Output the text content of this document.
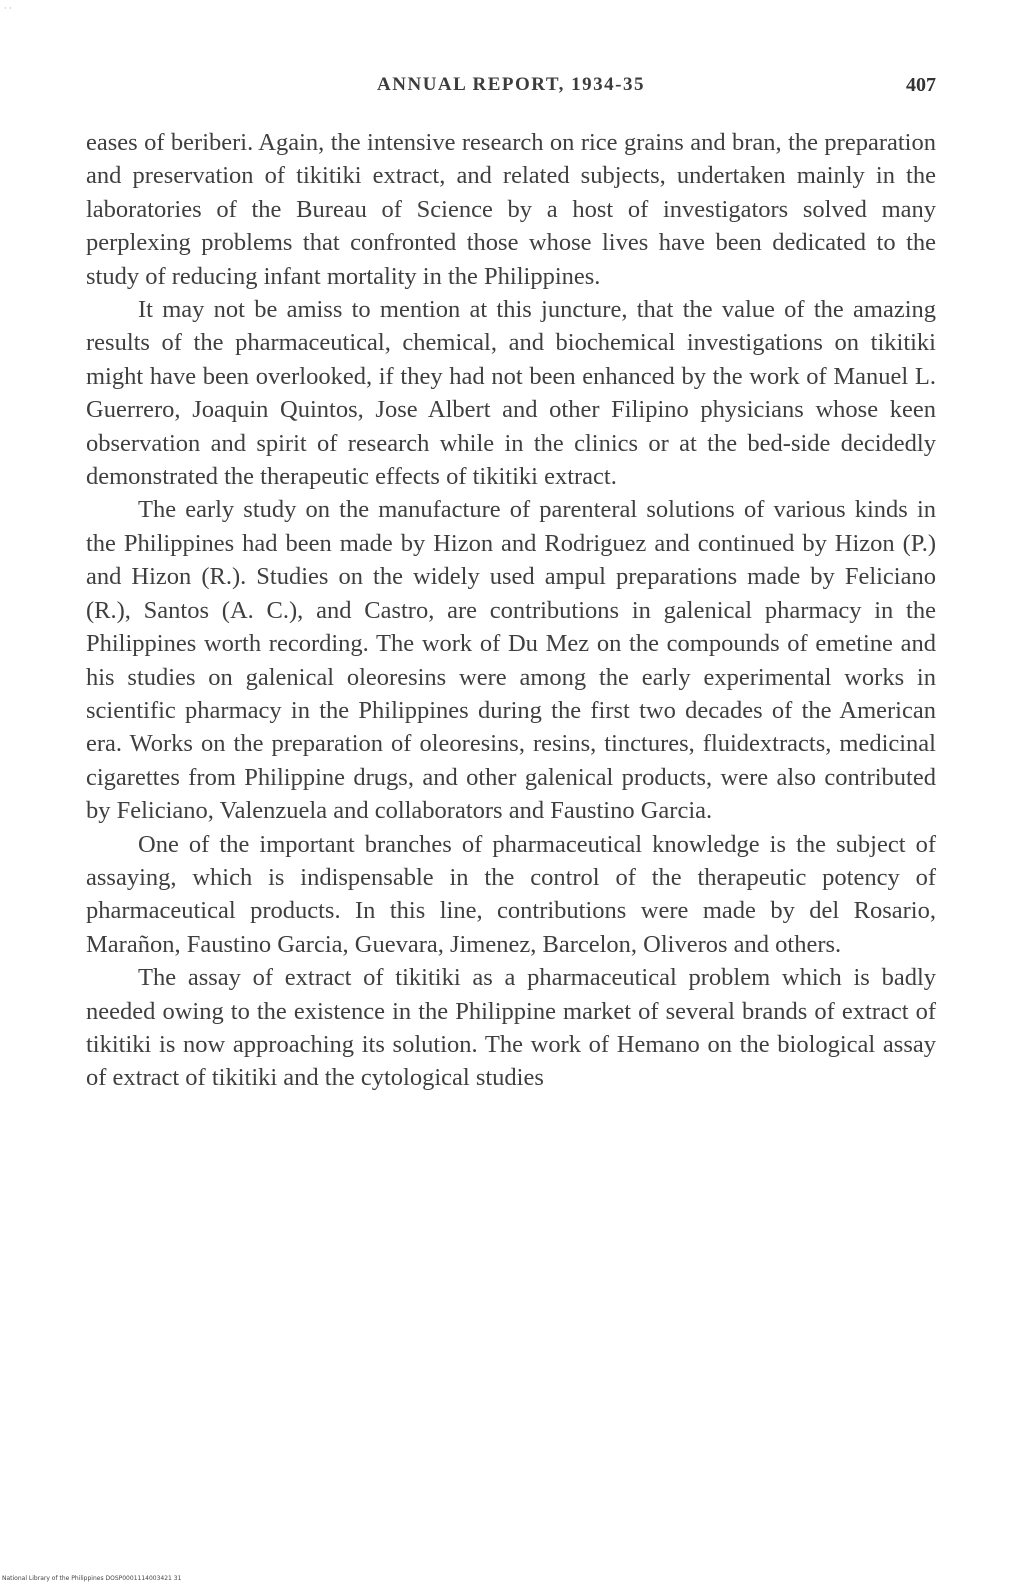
· ·
ANNUAL REPORT, 1934-35	407

eases of beriberi. Again, the intensive research on rice grains and bran, the preparation and preservation of tikitiki extract, and related subjects, undertaken mainly in the laboratories of the Bureau of Science by a host of investigators solved many perplexing problems that confronted those whose lives have been dedicated to the study of reducing infant mortality in the Philippines.

It may not be amiss to mention at this juncture, that the value of the amazing results of the pharmaceutical, chemical, and biochemical investigations on tikitiki might have been overlooked, if they had not been enhanced by the work of Manuel L. Guerrero, Joaquin Quintos, Jose Albert and other Filipino physicians whose keen observation and spirit of research while in the clinics or at the bed-side decidedly demonstrated the therapeutic effects of tikitiki extract.

The early study on the manufacture of parenteral solutions of various kinds in the Philippines had been made by Hizon and Rodriguez and continued by Hizon (P.) and Hizon (R.). Studies on the widely used ampul preparations made by Feliciano (R.), Santos (A. C.), and Castro, are contributions in galenical pharmacy in the Philippines worth recording. The work of Du Mez on the compounds of emetine and his studies on galenical oleoresins were among the early experimental works in scientific pharmacy in the Philippines during the first two decades of the American era. Works on the preparation of oleoresins, resins, tinctures, fluidextracts, medicinal cigarettes from Philippine drugs, and other galenical products, were also contributed by Feliciano, Valenzuela and collaborators and Faustino Garcia.

One of the important branches of pharmaceutical knowledge is the subject of assaying, which is indispensable in the control of the therapeutic potency of pharmaceutical products. In this line, contributions were made by del Rosario, Marañon, Faustino Garcia, Guevara, Jimenez, Barcelon, Oliveros and others.

The assay of extract of tikitiki as a pharmaceutical problem which is badly needed owing to the existence in the Philippine market of several brands of extract of tikitiki is now approaching its solution. The work of Hemano on the biological assay of extract of tikitiki and the cytological studies

National Library of the Philippines DOSP0001114003421 31
